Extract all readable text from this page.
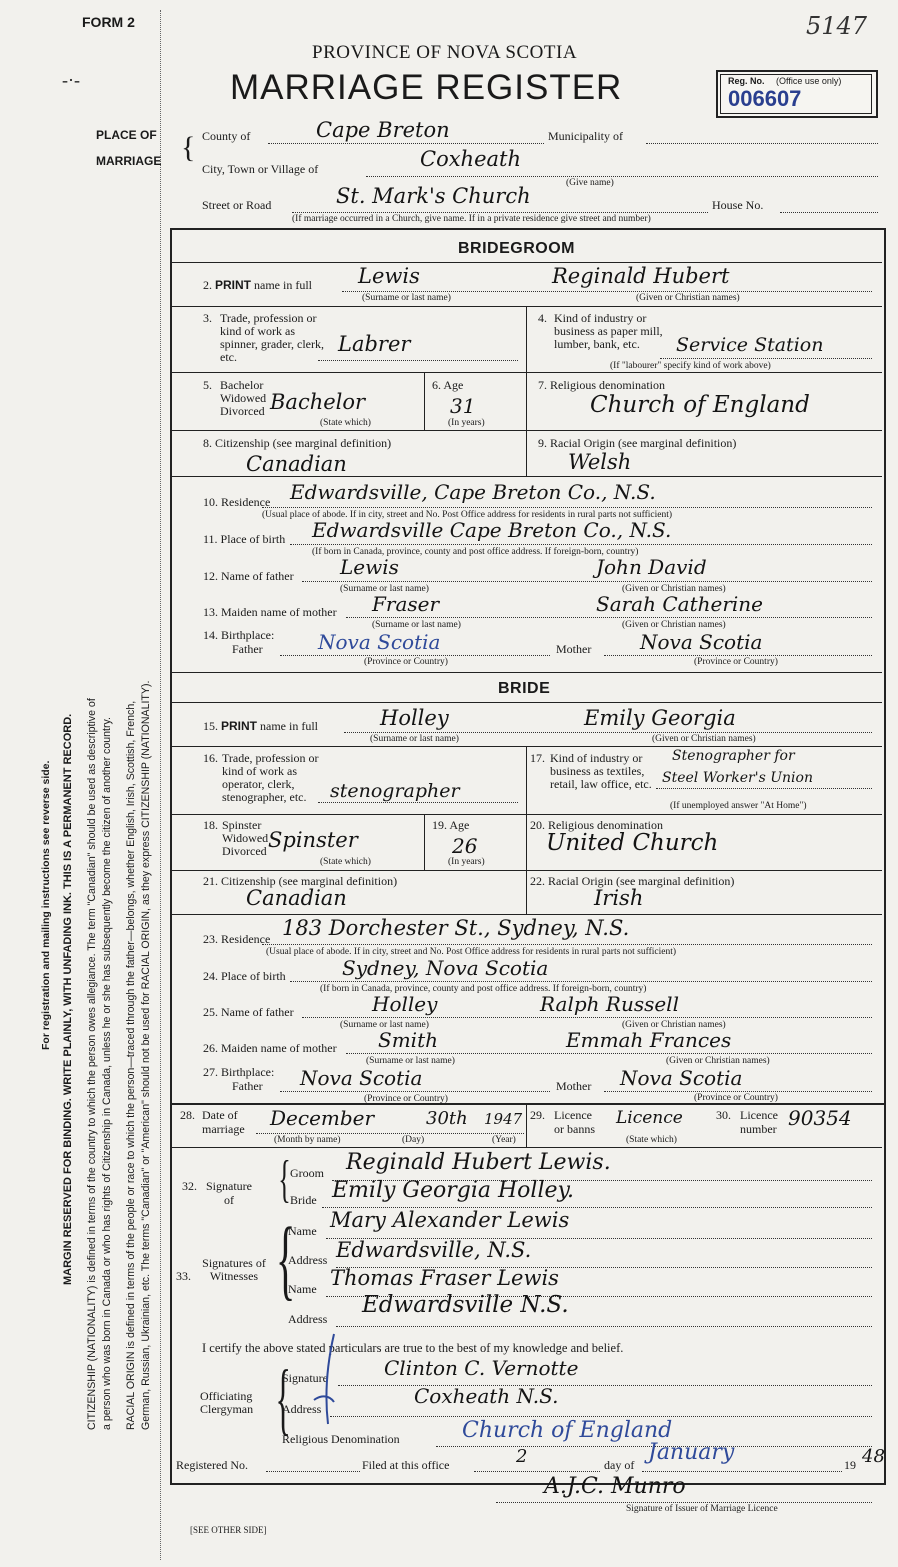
For registration and mailing instructions see reverse side. MARGIN RESERVED FOR BINDING. WRITE PLAINLY, WITH UNFADING INK. THIS IS A PERMANENT RECORD. CITIZENSHIP (NATIONALITY) is defined in terms of the country to which the person owes allegiance. The term "Canadian" should be used as descriptive of a person who was born in Canada or who has rights of Citizenship in Canada, unless he or she has subsequently become the citizen of another country. RACIAL ORIGIN is defined in terms of the people or race to which the person—traced through the father—belongs, whether English, Irish, Scottish, French, German, Russian, Ukrainian, etc. The terms "Canadian" or "American" should not be used for RACIAL ORIGIN, as they express CITIZENSHIP (NATIONALITY).
FORM 2	5147
-·-
PROVINCE OF NOVA SCOTIA
MARRIAGE REGISTER	Reg. No. (Office use only)
006607
PLACE OF
MARRIAGE { County of	Cape Breton	Municipality of
City, Town or Village of	Coxheath
(Give name)
Street or Road	St. Mark's Church	House No.
(If marriage occurred in a Church, give name. If in a private residence give street and number)
BRIDEGROOM
2. PRINT name in full Lewis	Reginald Hubert
(Surname or last name)	(Given or Christian names)
3. Trade, profession or kind of work as spinner, grader, clerk, etc.
Labrer
4. Kind of industry or business as paper mill, lumber, bank, etc.	Service Station
(If "labourer" specify kind of work above)
5. Bachelor Widowed Divorced Bachelor
(State which)
6. Age
31
(In years)
7. Religious denomination
Church of England
8. Citizenship (see marginal definition)
Canadian
9. Racial Origin (see marginal definition)
Welsh
10. Residence Edwardsville, Cape Breton Co., N.S.
(Usual place of abode. If in city, street and No. Post Office address for residents in rural parts not sufficient)
11. Place of birth Edwardsville Cape Breton Co., N.S.
(If born in Canada, province, county and post office address. If foreign-born, country)
12. Name of father Lewis	John David
(Surname or last name)	(Given or Christian names)
13. Maiden name of mother Fraser	Sarah Catherine
(Surname or last name)	(Given or Christian names)
14. Birthplace:
Father	Nova Scotia
(Province or Country)
Mother Nova Scotia
(Province or Country)
BRIDE
15. PRINT name in full	Holley	Emily Georgia
(Surname or last name)	(Given or Christian names)
16. Trade, profession or kind of work as operator, clerk, stenographer, etc.	stenographer
17. Kind of industry or business as textiles, retail, law office, etc.
Stenographer for
Steel Worker's Union
(If unemployed answer "At Home")
18. Spinster Widowed Divorced Spinster
(State which)
19. Age
26
(In years)
20. Religious denomination
United Church
21. Citizenship (see marginal definition)
Canadian
22. Racial Origin (see marginal definition)
Irish
23. Residence 183 Dorchester St., Sydney, N.S.
(Usual place of abode. If in city, street and No. Post Office address for residents in rural parts not sufficient)
24. Place of birth	Sydney, Nova Scotia
(If born in Canada, province, county and post office address. If foreign-born, country)
25. Name of father	Holley	Ralph Russell
(Surname or last name)	(Given or Christian names)
26. Maiden name of mother Smith	Emmah Frances
(Surname or last name)	(Given or Christian names)
27. Birthplace:
Father Nova Scotia
(Province or Country)
Mother Nova Scotia
(Province or Country)
28. Date of
marriage December	30th 1947
(Month by name)	(Day)	(Year)
29. Licence
or banns
Licence
(State which)
30. Licence
number 90354
32. Signature
of { Groom Reginald Hubert Lewis.
Bride Emily Georgia Holley.
33.
Signatures of Witnesses {
Name Mary Alexander Lewis
Address Edwardsville, N.S.
Name Thomas Fraser Lewis
Address
Edwardsville N.S.
I certify the above stated particulars are true to the best of my knowledge and belief.
Officiating Clergyman {
Signature	Clinton C. Vernotte
Address
Coxheath N.S.
Religious Denomination	Church of England
Registered No.	Filed at this office	2	day of January	19 48
A.J.C. Munro
Signature of Issuer of Marriage Licence
[SEE OTHER SIDE]
